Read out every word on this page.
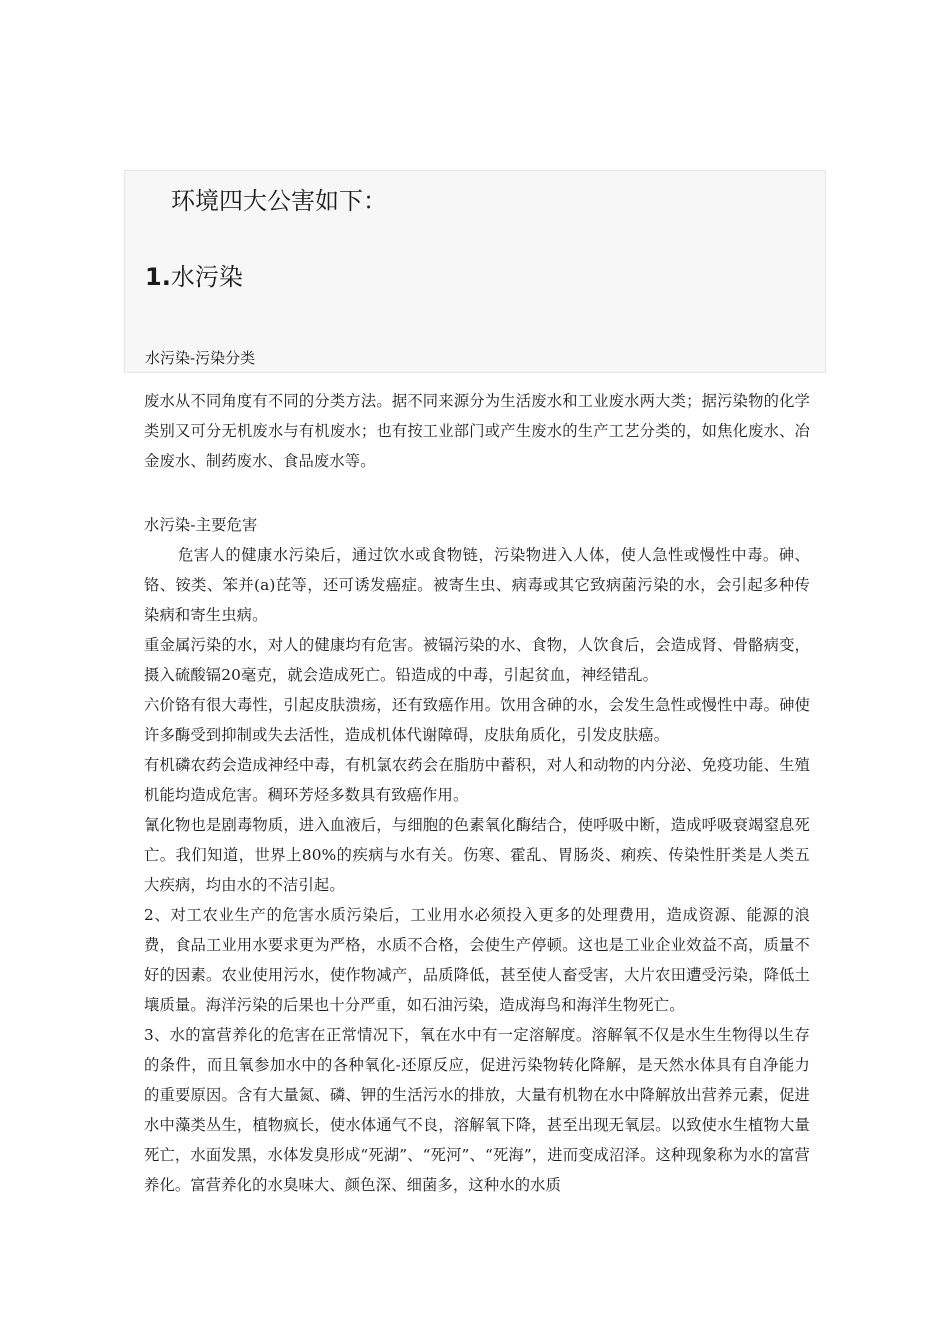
环境四大公害如下：
1.水污染
水污染-污染分类

废水从不同角度有不同的分类方法。据不同来源分为生活废水和工业废水两大类；据污染物的化学类别又可分无机废水与有机废水；也有按工业部门或产生废水的生产工艺分类的，如焦化废水、冶金废水、制药废水、食品废水等。

水污染-主要危害

危害人的健康水污染后，通过饮水或食物链，污染物进入人体，使人急性或慢性中毒。砷、铬、铵类、笨并(a)芘等，还可诱发癌症。被寄生虫、病毒或其它致病菌污染的水，会引起多种传染病和寄生虫病。

重金属污染的水，对人的健康均有危害。被镉污染的水、食物，人饮食后，会造成肾、骨骼病变，摄入硫酸镉20毫克，就会造成死亡。铅造成的中毒，引起贫血，神经错乱。

六价铬有很大毒性，引起皮肤溃疡，还有致癌作用。饮用含砷的水，会发生急性或慢性中毒。砷使许多酶受到抑制或失去活性，造成机体代谢障碍，皮肤角质化，引发皮肤癌。

有机磷农药会造成神经中毒，有机氯农药会在脂肪中蓄积，对人和动物的内分泌、免疫功能、生殖机能均造成危害。稠环芳烃多数具有致癌作用。

氰化物也是剧毒物质，进入血液后，与细胞的色素氧化酶结合，使呼吸中断，造成呼吸衰竭窒息死亡。我们知道，世界上80%的疾病与水有关。伤寒、霍乱、胃肠炎、痢疾、传染性肝类是人类五大疾病，均由水的不洁引起。

2、对工农业生产的危害水质污染后，工业用水必须投入更多的处理费用，造成资源、能源的浪费，食品工业用水要求更为严格，水质不合格，会使生产停顿。这也是工业企业效益不高，质量不好的因素。农业使用污水，使作物减产，品质降低，甚至使人畜受害，大片农田遭受污染，降低土壤质量。海洋污染的后果也十分严重，如石油污染，造成海鸟和海洋生物死亡。

3、水的富营养化的危害在正常情况下，氧在水中有一定溶解度。溶解氧不仅是水生生物得以生存的条件，而且氧参加水中的各种氧化-还原反应，促进污染物转化降解，是天然水体具有自净能力的重要原因。含有大量氮、磷、钾的生活污水的排放，大量有机物在水中降解放出营养元素，促进水中藻类丛生，植物疯长，使水体通气不良，溶解氧下降，甚至出现无氧层。以致使水生植物大量死亡，水面发黑，水体发臭形成“死湖”、“死河”、“死海”，进而变成沼泽。这种现象称为水的富营养化。富营养化的水臭味大、颜色深、细菌多，这种水的水质
